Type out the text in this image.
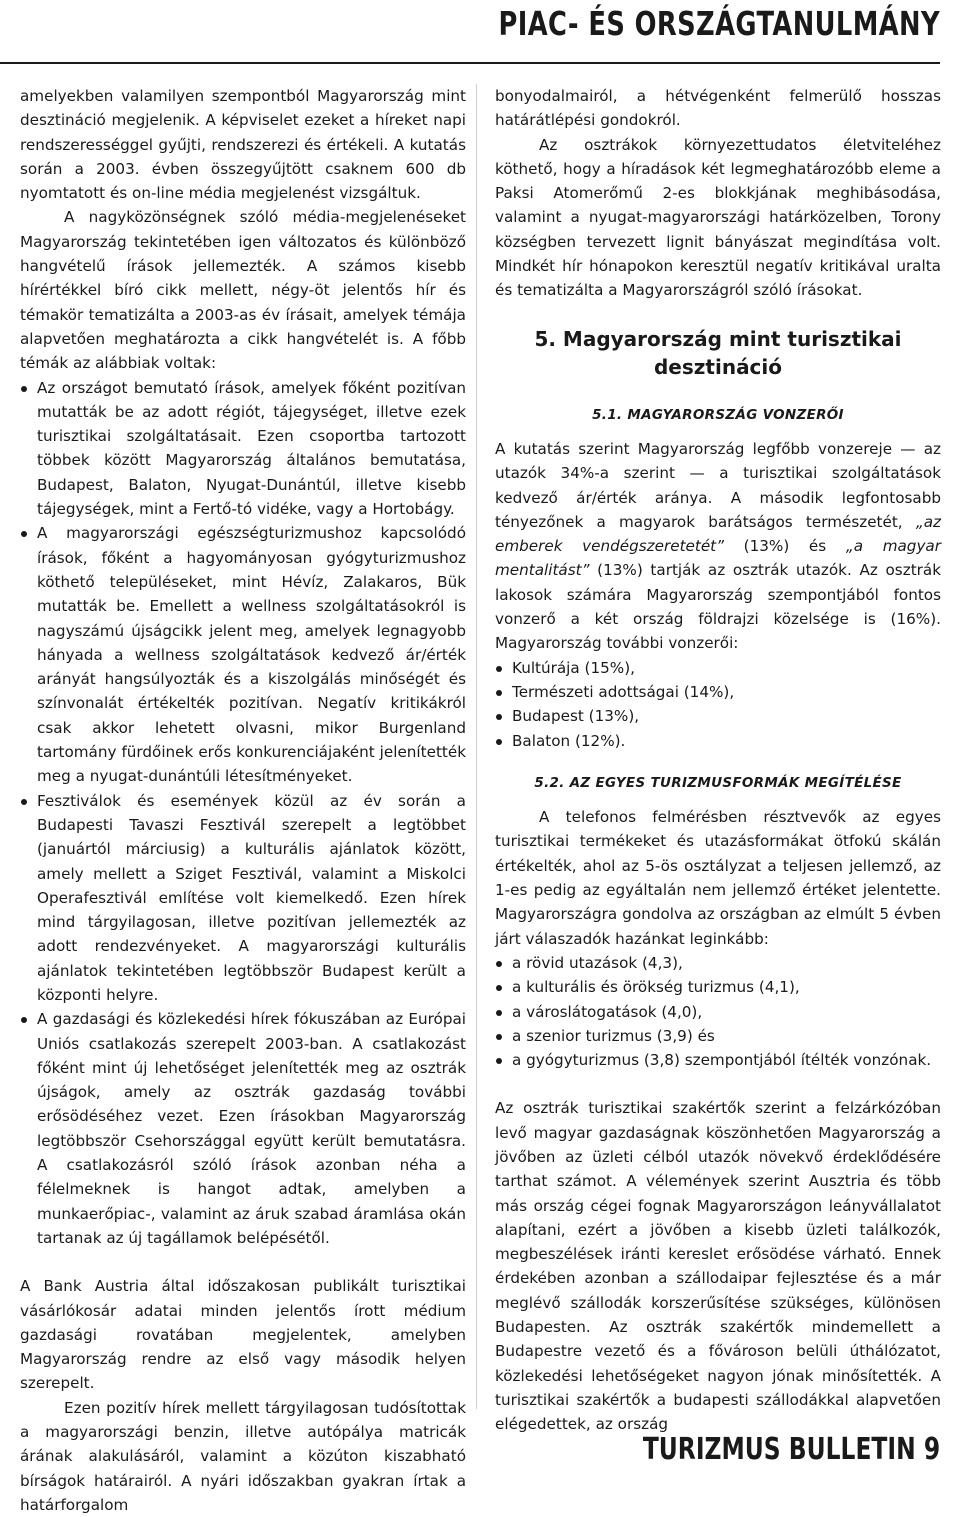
PIAC- ÉS ORSZÁGTANULMÁNY

amelyekben valamilyen szempontból Magyarország mint desztináció megjelenik. A képviselet ezeket a híreket napi rendszerességgel gyűjti, rendszerezi és értékeli. A kutatás során a 2003. évben összegyűjtött csaknem 600 db nyomtatott és on-line média megjelenést vizsgáltuk.

A nagyközönségnek szóló média-megjelenéseket Magyarország tekintetében igen változatos és különböző hangvételű írások jellemezték. A számos kisebb hírértékkel bíró cikk mellett, négy-öt jelentős hír és témakör tematizálta a 2003-as év írásait, amelyek témája alapvetően meghatározta a cikk hangvételét is. A főbb témák az alábbiak voltak:

Az országot bemutató írások, amelyek főként pozitívan mutatták be az adott régiót, tájegységet, illetve ezek turisztikai szolgáltatásait. Ezen csoportba tartozott többek között Magyarország általános bemutatása, Budapest, Balaton, Nyugat-Dunántúl, illetve kisebb tájegységek, mint a Fertő-tó vidéke, vagy a Hortobágy.
A magyarországi egészségturizmushoz kapcsolódó írások, főként a hagyományosan gyógyturizmushoz köthető településeket, mint Hévíz, Zalakaros, Bük mutatták be. Emellett a wellness szolgáltatásokról is nagyszámú újságcikk jelent meg, amelyek legnagyobb hányada a wellness szolgáltatások kedvező ár/érték arányát hangsúlyozták és a kiszolgálás minőségét és színvonalát értékelték pozitívan. Negatív kritikákról csak akkor lehetett olvasni, mikor Burgenland tartomány fürdőinek erős konkurenciájaként jelenítették meg a nyugat-dunántúli létesítményeket.
Fesztiválok és események közül az év során a Budapesti Tavaszi Fesztivál szerepelt a legtöbbet (januártól márciusig) a kulturális ajánlatok között, amely mellett a Sziget Fesztivál, valamint a Miskolci Operafesztivál említése volt kiemelkedő. Ezen hírek mind tárgyilagosan, illetve pozitívan jellemezték az adott rendezvényeket. A magyarországi kulturális ajánlatok tekintetében legtöbbször Budapest került a központi helyre.
A gazdasági és közlekedési hírek fókuszában az Európai Uniós csatlakozás szerepelt 2003-ban. A csatlakozást főként mint új lehetőséget jelenítették meg az osztrák újságok, amely az osztrák gazdaság további erősödéséhez vezet. Ezen írásokban Magyarország legtöbbször Csehországgal együtt került bemutatásra. A csatlakozásról szóló írások azonban néha a félelmeknek is hangot adtak, amelyben a munkaerőpiac-, valamint az áruk szabad áramlása okán tartanak az új tagállamok belépésétől.

A Bank Austria által időszakosan publikált turisztikai vásárlókosár adatai minden jelentős írott médium gazdasági rovatában megjelentek, amelyben Magyarország rendre az első vagy második helyen szerepelt.

Ezen pozitív hírek mellett tárgyilagosan tudósítottak a magyarországi benzin, illetve autópálya matricák árának alakulásáról, valamint a közúton kiszabható bírságok határairól. A nyári időszakban gyakran írtak a határforgalom

bonyodalmairól, a hétvégenként felmerülő hosszas határátlépési gondokról.

Az osztrákok környezettudatos életviteléhez köthető, hogy a híradások két legmeghatározóbb eleme a Paksi Atomerőmű 2-es blokkjának meghibásodása, valamint a nyugat-magyarországi határközelben, Torony községben tervezett lignit bányászat megindítása volt. Mindkét hír hónapokon keresztül negatív kritikával uralta és tematizálta a Magyarországról szóló írásokat.

5. Magyarország mint turisztikai desztináció
5.1. MAGYARORSZÁG VONZERŐI

A kutatás szerint Magyarország legfőbb vonzereje — az utazók 34%-a szerint — a turisztikai szolgáltatások kedvező ár/érték aránya. A második legfontosabb tényezőnek a magyarok barátságos természetét, „az emberek vendégszeretetét” (13%) és „a magyar mentalitást” (13%) tartják az osztrák utazók. Az osztrák lakosok számára Magyarország szempontjából fontos vonzerő a két ország földrajzi közelsége is (16%). Magyarország további vonzerői:

Kultúrája (15%),
Természeti adottságai (14%),
Budapest (13%),
Balaton (12%).
5.2. AZ EGYES TURIZMUSFORMÁK MEGÍTÉLÉSE

A telefonos felmérésben résztvevők az egyes turisztikai termékeket és utazásformákat ötfokú skálán értékelték, ahol az 5-ös osztályzat a teljesen jellemző, az 1-es pedig az egyáltalán nem jellemző értéket jelentette. Magyarországra gondolva az országban az elmúlt 5 évben járt válaszadók hazánkat leginkább:

a rövid utazások (4,3),
a kulturális és örökség turizmus (4,1),
a városlátogatások (4,0),
a szenior turizmus (3,9) és
a gyógyturizmus (3,8) szempontjából ítélték vonzónak.

Az osztrák turisztikai szakértők szerint a felzárkózóban levő magyar gazdaságnak köszönhetően Magyarország a jövőben az üzleti célból utazók növekvő érdeklődésére tarthat számot. A vélemények szerint Ausztria és több más ország cégei fognak Magyarországon leányvállalatot alapítani, ezért a jövőben a kisebb üzleti találkozók, megbeszélések iránti kereslet erősödése várható. Ennek érdekében azonban a szállodaipar fejlesztése és a már meglévő szállodák korszerűsítése szükséges, különösen Budapesten. Az osztrák szakértők mindemellett a Budapestre vezető és a fővároson belüli úthálózatot, közlekedési lehetőségeket nagyon jónak minősítették. A turisztikai szakértők a budapesti szállodákkal alapvetően elégedettek, az ország

TURIZMUS BULLETIN 9
